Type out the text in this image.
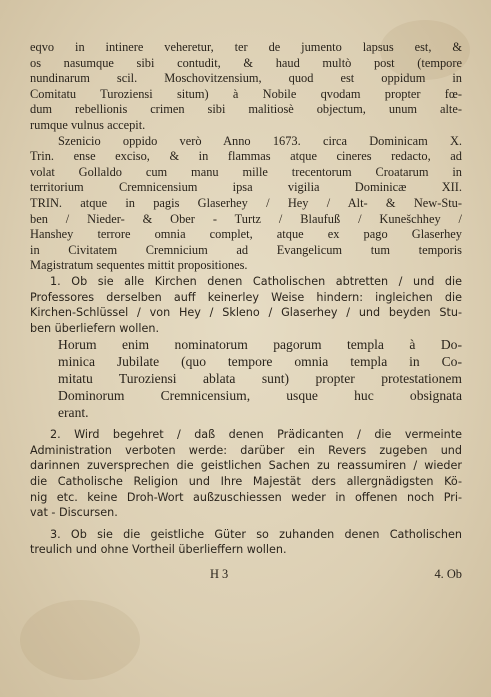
eqvo in intinere veheretur, ter de jumento lapsus est, &
os nasumque sibi contudit, & haud multò post (tempore
nundinarum scil. Moschovitzensium, quod est oppidum in
Comitatu Turoziensi situm) à Nobile qvodam propter fœ-
dum rebellionis crimen sibi malitiosè objectum, unum alte-
rumque vulnus accepit.
Szenicio oppido verò Anno 1673. circa Dominicam X.
Trin. ense exciso, & in flammas atque cineres redacto, ad
volat Gollaldo cum manu mille trecentorum Croatarum in
territorium Cremnicensium ipsa vigilia Dominicæ XII.
TRIN. atque in pagis Glaserhey / Hey / Alt- & New-Stu-
ben / Nieder- & Ober - Turtz / Blaufuß / Kunešchhey /
Hanshey terrore omnia complet, atque ex pago Glaserhey
in Civitatem Cremnicium ad Evangelicum tum temporis
Magistratum sequentes mittit propositiones.
1. Ob sie alle Kirchen denen Catholischen abtretten / und die
Professores derselben auff keinerley Weise hindern: ingleichen die
Kirchen-Schlüssel / von Hey / Skleno / Glaserhey / und beyden Stu-
ben überliefern wollen.
Horum enim nominatorum pagorum templa à Do-
minica Jubilate (quo tempore omnia templa in Co-
mitatu Turoziensi ablata sunt) propter protestationem
Dominorum Cremnicensium, usque huc obsignata
erant.
2. Wird begehret / daß denen Prädicanten / die vermeinte
Administration verboten werde: darüber ein Revers zugeben und
darinnen zuversprechen die geistlichen Sachen zu reassumiren / wieder
die Catholische Religion und Ihre Majestät ders allergnädigsten Kö-
nig etc. keine Droh-Wort außzuschiessen weder in offenen noch Pri-
vat - Discursen.
3. Ob sie die geistliche Güter so zuhanden denen Catholischen
treulich und ohne Vortheil überlieffern wollen.
H 3	4. Ob
